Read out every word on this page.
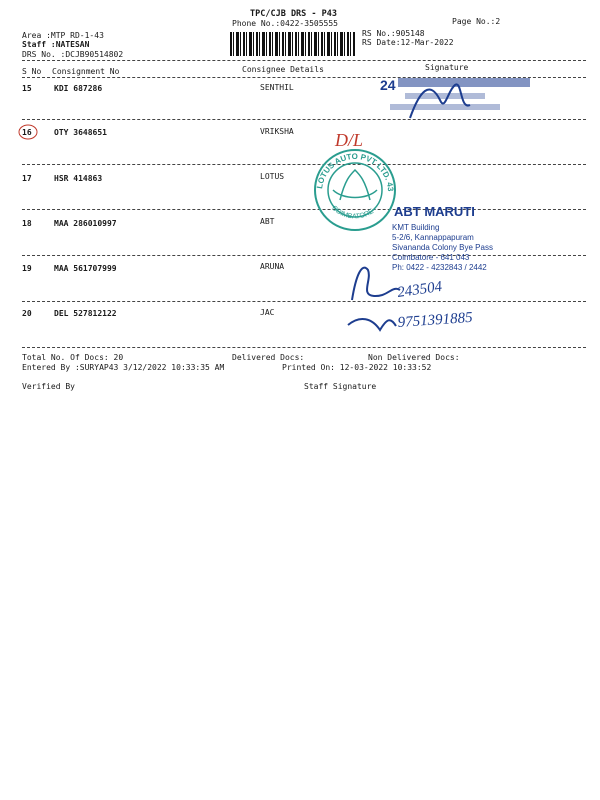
TPC/CJB DRS - P43
Phone No.:0422-3505555	Page No.:2
Area :MTP RD-1-43
Staff :NATESAN
DRS No. :DCJB90514802
RS No.:905148
RS Date:12-Mar-2022
S No Consignment No	Consignee Details	Signature
15	KDI 687286	SENTHIL
16	OTY 3648651	VRIKSHA
17	HSR 414863	LOTUS
18	MAA 286010997	ABT
19	MAA 561707999	ARUNA
20	DEL 527812122	JAC
Total No. Of Docs: 20	Delivered Docs:	Non Delivered Docs:
Entered By :SURYAP43 3/12/2022 10:33:35 AM	Printed On: 12-03-2022 10:33:52
Verified By	Staff Signature
D/L
24
LOTUS AUTO PVT LTD. 43
COIMBATORE ABT MARUTI
KMT Building
5-2/6, Kannappapuram
Sivananda Colony Bye Pass
Coimbatore - 641 043
Ph: 0422 - 4232843 / 2442
243504
9751391885
